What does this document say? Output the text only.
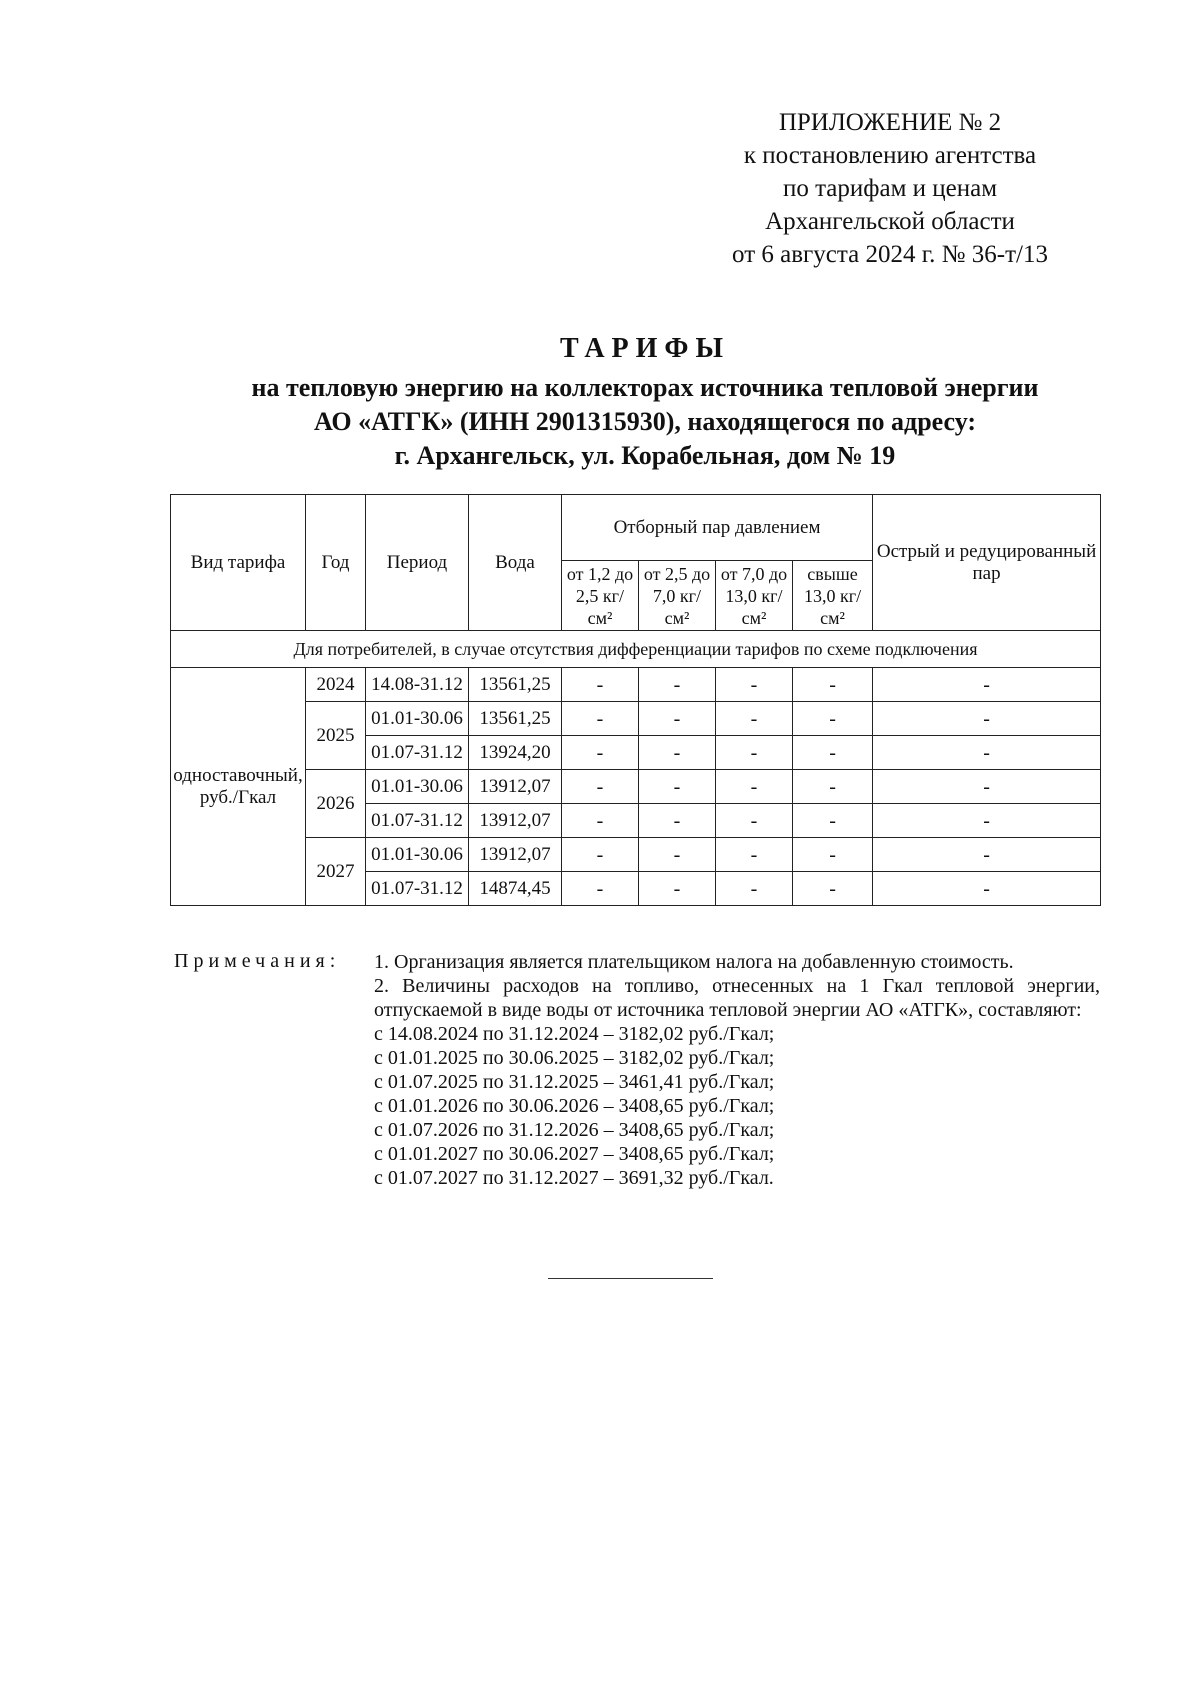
ПРИЛОЖЕНИЕ № 2
к постановлению агентства
по тарифам и ценам
Архангельской области
от 6 августа 2024 г. № 36-т/13
ТАРИФЫ
на тепловую энергию на коллекторах источника тепловой энергии
АО «АТГК» (ИНН 2901315930), находящегося по адресу:
г. Архангельск, ул. Корабельная, дом № 19
Вид тарифа	Год	Период	Вода	Отборный пар давлением				Острый и редуцированный пар
				от 1,2 до 2,5 кг/см²	от 2,5 до 7,0 кг/см²	от 7,0 до 13,0 кг/см²	свыше 13,0 кг/см²	
Для потребителей, в случае отсутствия дифференциации тарифов по схеме подключения								
одноставочный, руб./Гкал	2024	14.08-31.12	13561,25	-	-	-	-	-
	2025	01.01-30.06	13561,25	-	-	-	-	-
		01.07-31.12	13924,20	-	-	-	-	-
	2026	01.01-30.06	13912,07	-	-	-	-	-
		01.07-31.12	13912,07	-	-	-	-	-
	2027	01.01-30.06	13912,07	-	-	-	-	-
		01.07-31.12	14874,45	-	-	-	-	-
Примечания: 1. Организация является плательщиком налога на добавленную стоимость.

2. Величины расходов на топливо, отнесенных на 1 Гкал тепловой энергии, отпускаемой в виде воды от источника тепловой энергии АО «АТГК», составляют:

с 14.08.2024 по 31.12.2024 – 3182,02 руб./Гкал;

с 01.01.2025 по 30.06.2025 – 3182,02 руб./Гкал;

с 01.07.2025 по 31.12.2025 – 3461,41 руб./Гкал;

с 01.01.2026 по 30.06.2026 – 3408,65 руб./Гкал;

с 01.07.2026 по 31.12.2026 – 3408,65 руб./Гкал;

с 01.01.2027 по 30.06.2027 – 3408,65 руб./Гкал;

с 01.07.2027 по 31.12.2027 – 3691,32 руб./Гкал.
